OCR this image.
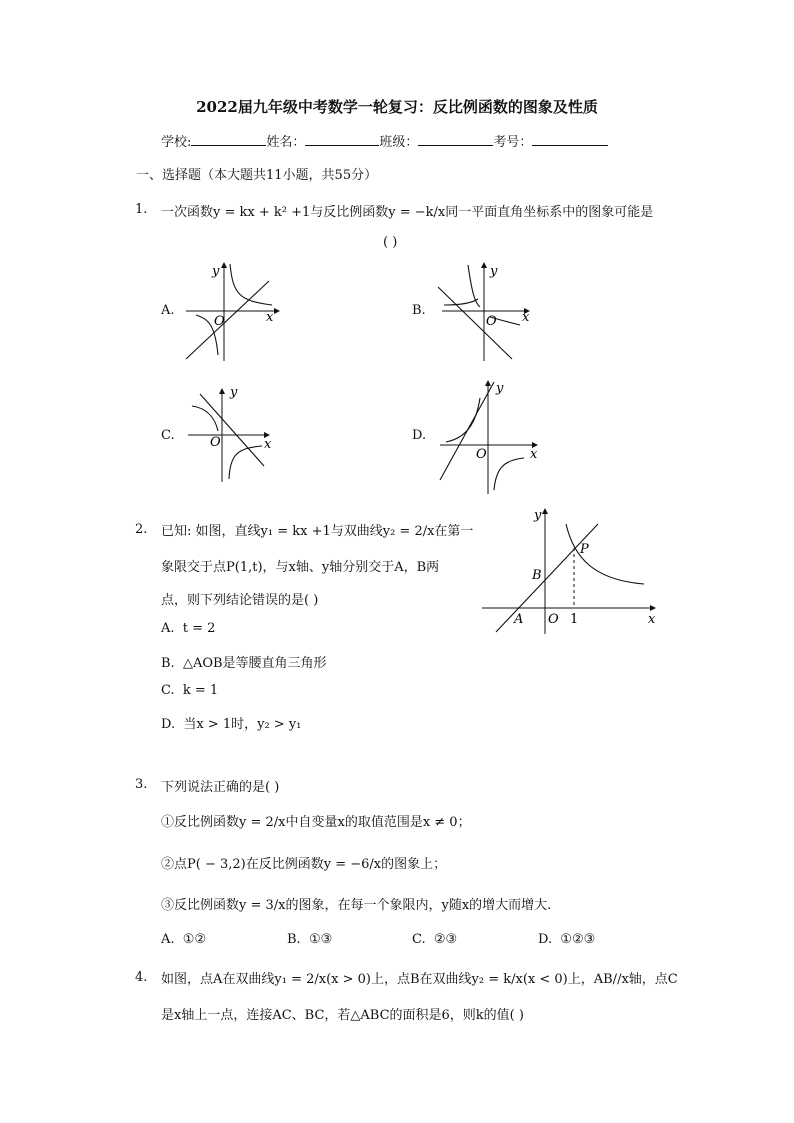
2022届九年级中考数学一轮复习：反比例函数的图象及性质
学校:	姓名：	班级：	考号：
一、选择题（本大题共11小题，共55分）
1. 一次函数y = kx + k² +1与反比例函数y = −k/x同一平面直角坐标系中的图象可能是
( )
A.
y
x
O
B.
y
x
O
C.
y
x
O	D.
y
x
O
2. 已知: 如图，直线y₁ = kx +1与双曲线y₂ = 2/x在第一
象限交于点P(1,t)，与x轴、y轴分别交于A，B两
点，则下列结论错误的是( )
A. t = 2
B. △AOB是等腰直角三角形
C. k = 1
D. 当x > 1时，y₂ > y₁
y
x
O
A
B
P
1
3. 下列说法正确的是( )
①反比例函数y = 2/x中自变量x的取值范围是x ≠ 0；
②点P( − 3,2)在反比例函数y = −6/x的图象上；
③反比例函数y = 3/x的图象，在每一个象限内，y随x的增大而增大.
A. ①②	B. ①③	C. ②③	D. ①②③
4. 如图，点A在双曲线y₁ = 2/x(x > 0)上，点B在双曲线y₂ = k/x(x < 0)上，AB//x轴，点C
是x轴上一点，连接AC、BC，若△ABC的面积是6，则k的值( )
